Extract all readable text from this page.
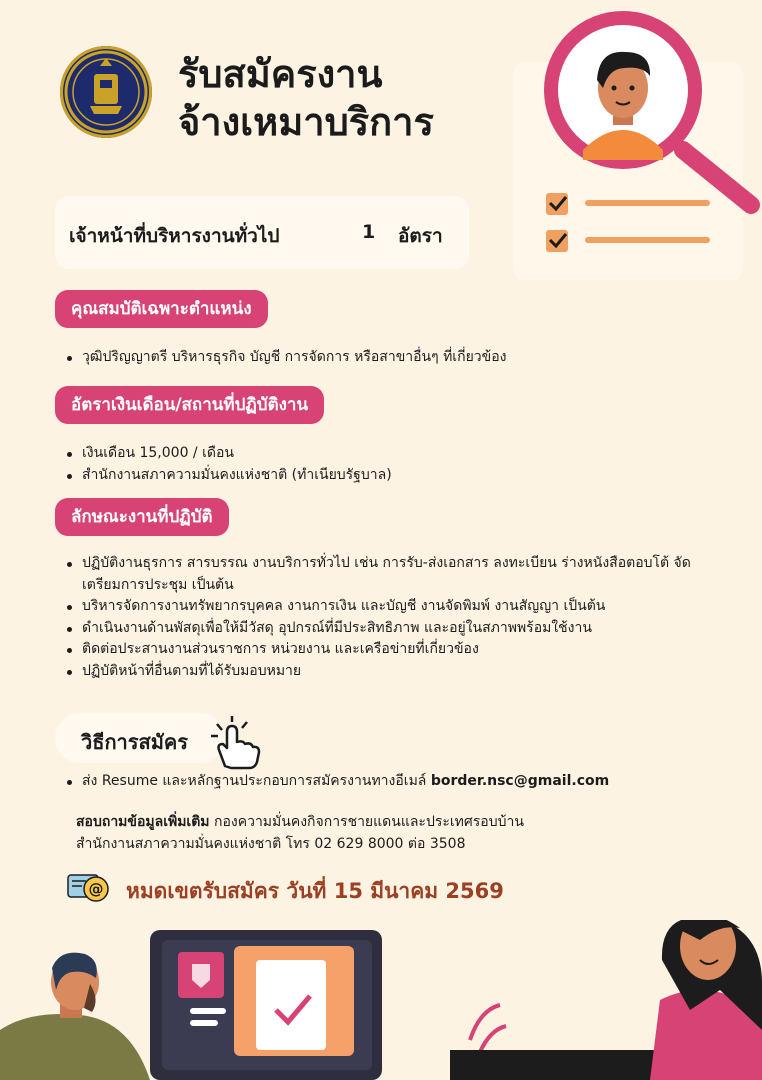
รับสมัครงาน
จ้างเหมาบริการ
เจ้าหน้าที่บริหารงานทั่วไป	1 อัตรา
คุณสมบัติเฉพาะตำแหน่ง
วุฒิปริญญาตรี บริหารธุรกิจ บัญชี การจัดการ หรือสาขาอื่นๆ ที่เกี่ยวข้อง
อัตราเงินเดือน/สถานที่ปฏิบัติงาน
เงินเดือน 15,000 / เดือน
สำนักงานสภาความมั่นคงแห่งชาติ (ทำเนียบรัฐบาล)
ลักษณะงานที่ปฏิบัติ
ปฏิบัติงานธุรการ สารบรรณ งานบริการทั่วไป เช่น การรับ-ส่งเอกสาร ลงทะเบียน ร่างหนังสือตอบโต้ จัดเตรียมการประชุม เป็นต้น
บริหารจัดการงานทรัพยากรบุคคล งานการเงิน และบัญชี งานจัดพิมพ์ งานสัญญา เป็นต้น
ดำเนินงานด้านพัสดุเพื่อให้มีวัสดุ อุปกรณ์ที่มีประสิทธิภาพ และอยู่ในสภาพพร้อมใช้งาน
ติดต่อประสานงานส่วนราชการ หน่วยงาน และเครือข่ายที่เกี่ยวข้อง
ปฏิบัติหน้าที่อื่นตามที่ได้รับมอบหมาย
วิธีการสมัคร
ส่ง Resume และหลักฐานประกอบการสมัครงานทางอีเมล์ border.nsc@gmail.com
สอบถามข้อมูลเพิ่มเติม กองความมั่นคงกิจการชายแดนและประเทศรอบบ้าน
สำนักงานสภาความมั่นคงแห่งชาติ โทร 02 629 8000 ต่อ 3508
@ หมดเขตรับสมัคร วันที่ 15 มีนาคม 2569
